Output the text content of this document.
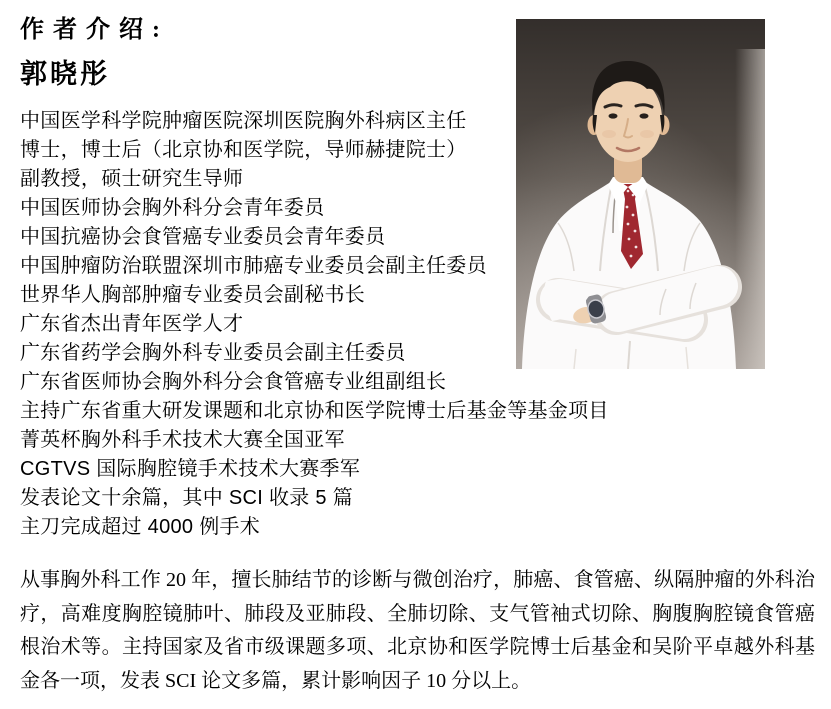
作者介绍:
郭晓彤
中国医学科学院肿瘤医院深圳医院胸外科病区主任
博士，博士后（北京协和医学院，导师赫捷院士）
副教授，硕士研究生导师
中国医师协会胸外科分会青年委员
中国抗癌协会食管癌专业委员会青年委员
中国肿瘤防治联盟深圳市肺癌专业委员会副主任委员
世界华人胸部肿瘤专业委员会副秘书长
广东省杰出青年医学人才
广东省药学会胸外科专业委员会副主任委员
广东省医师协会胸外科分会食管癌专业组副组长
主持广东省重大研发课题和北京协和医学院博士后基金等基金项目
菁英杯胸外科手术技术大赛全国亚军
CGTVS 国际胸腔镜手术技术大赛季军
发表论文十余篇，其中 SCI 收录 5 篇
主刀完成超过 4000 例手术

从事胸外科工作 20 年，擅长肺结节的诊断与微创治疗，肺癌、食管癌、纵隔肿瘤的外科治疗，高难度胸腔镜肺叶、肺段及亚肺段、全肺切除、支气管袖式切除、胸腹胸腔镜食管癌根治术等。主持国家及省市级课题多项、北京协和医学院博士后基金和吴阶平卓越外科基金各一项，发表 SCI 论文多篇，累计影响因子 10 分以上。
